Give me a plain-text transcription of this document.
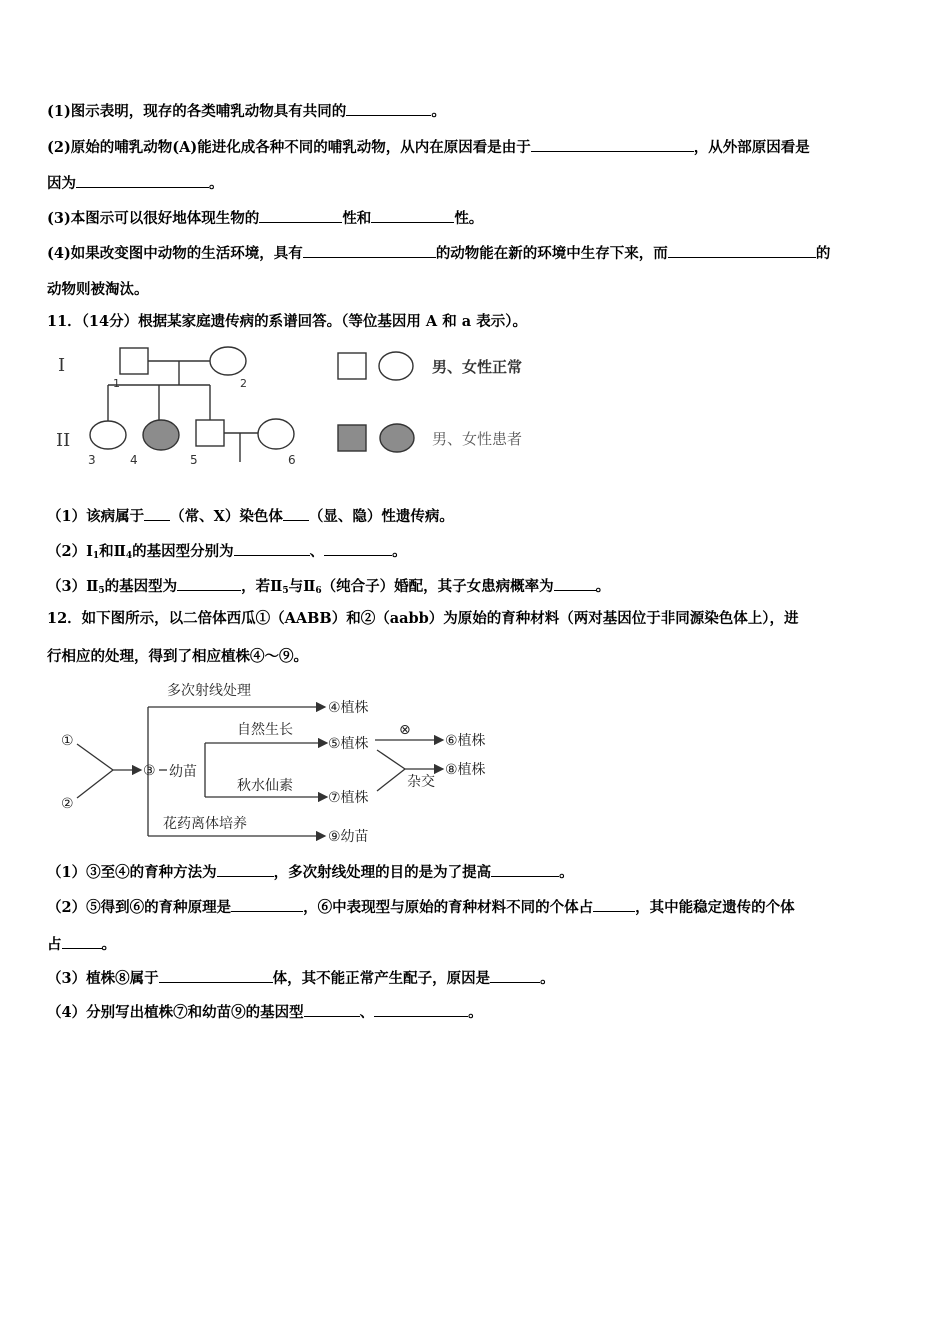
(1)图示表明，现存的各类哺乳动物具有共同的	。
(2)原始的哺乳动物(A)能进化成各种不同的哺乳动物，从内在原因看是由于	，从外部原因看是
因为	。
(3)本图示可以很好地体现生物的	性和	性。
(4)如果改变图中动物的生活环境，具有	的动物能在新的环境中生存下来，而	的
动物则被淘汰。
11．（14分）根据某家庭遗传病的系谱回答。（等位基因用 A 和 a 表示）。
I
II
1	2
3	4	5	6
男、女性正常
男、女性患者
（1）该病属于 （常、X）染色体 （显、隐）性遗传病。
$(2)Ⅰ_1$和$Ⅱ_4$的基因型分别为	、	。
$(3)Ⅱ_5$的基因型为	，若$Ⅱ_5$与$Ⅱ_6$（纯合子）婚配，其子女患病概率为	。
12．如下图所示，以二倍体西瓜①（AABB）和②（aabb）为原始的育种材料（两对基因位于非同源染色体上），进
行相应的处理，得到了相应植株④～⑨。
①
②
③ 幼苗
多次射线处理
④植株
自然生长
⑤植株
⊗
⑥植株
⑧植株
杂交
秋水仙素
⑦植株
花药离体培养
⑨幼苗
（1）③至④的育种方法为	，多次射线处理的目的是为了提高	。
（2）⑤得到⑥的育种原理是	，⑥中表现型与原始的育种材料不同的个体占	，其中能稳定遗传的个体
占	。
（3）植株⑧属于	体，其不能正常产生配子，原因是	。
（4）分别写出植株⑦和幼苗⑨的基因型	、	。
